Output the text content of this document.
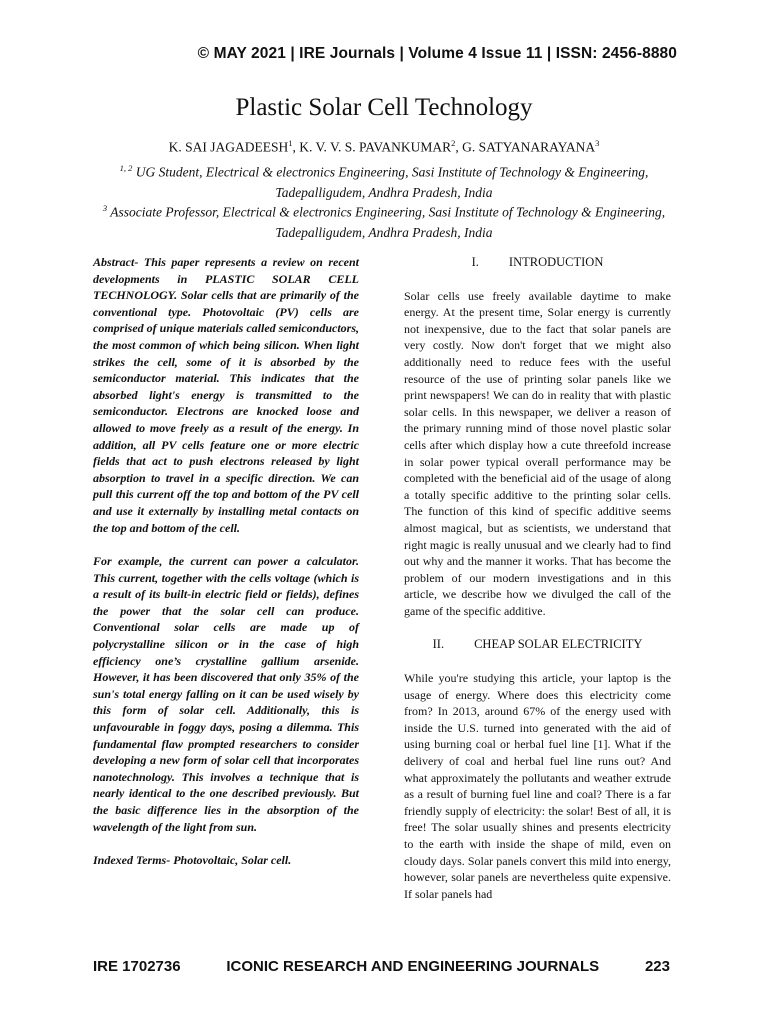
© MAY 2021 | IRE Journals | Volume 4 Issue 11 | ISSN: 2456-8880
Plastic Solar Cell Technology
K. SAI JAGADEESH$^1$, K. V. V. S. PAVANKUMAR$^2$, G. SATYANARAYANA$^3$
$^{1, 2}$ UG Student, Electrical & electronics Engineering, Sasi Institute of Technology & Engineering,
Tadepalligudem, Andhra Pradesh, India
$^3$ Associate Professor, Electrical & electronics Engineering, Sasi Institute of Technology & Engineering,
Tadepalligudem, Andhra Pradesh, India

Abstract- This paper represents a review on recent developments in PLASTIC SOLAR CELL TECHNOLOGY. Solar cells that are primarily of the conventional type. Photovoltaic (PV) cells are comprised of unique materials called semiconductors, the most common of which being silicon. When light strikes the cell, some of it is absorbed by the semiconductor material. This indicates that the absorbed light's energy is transmitted to the semiconductor. Electrons are knocked loose and allowed to move freely as a result of the energy. In addition, all PV cells feature one or more electric fields that act to push electrons released by light absorption to travel in a specific direction. We can pull this current off the top and bottom of the PV cell and use it externally by installing metal contacts on the top and bottom of the cell.

For example, the current can power a calculator. This current, together with the cells voltage (which is a result of its built-in electric field or fields), defines the power that the solar cell can produce. Conventional solar cells are made up of polycrystalline silicon or in the case of high efficiency one’s crystalline gallium arsenide. However, it has been discovered that only 35% of the sun's total energy falling on it can be used wisely by this form of solar cell. Additionally, this is unfavourable in foggy days, posing a dilemma. This fundamental flaw prompted researchers to consider developing a new form of solar cell that incorporates nanotechnology. This involves a technique that is nearly identical to the one described previously. But the basic difference lies in the absorption of the wavelength of the light from sun.

Indexed Terms- Photovoltaic, Solar cell.

I. INTRODUCTION

Solar cells use freely available daytime to make energy. At the present time, Solar energy is currently not inexpensive, due to the fact that solar panels are very costly. Now don't forget that we might also additionally need to reduce fees with the useful resource of the use of printing solar panels like we print newspapers! We can do in reality that with plastic solar cells. In this newspaper, we deliver a reason of the primary running mind of those novel plastic solar cells after which display how a cute threefold increase in solar power typical overall performance may be completed with the beneficial aid of the usage of along a totally specific additive to the printing solar cells. The function of this kind of specific additive seems almost magical, but as scientists, we understand that right magic is really unusual and we clearly had to find out why and the manner it works. That has become the problem of our modern investigations and in this article, we describe how we divulged the call of the game of the specific additive.

II. CHEAP SOLAR ELECTRICITY

While you're studying this article, your laptop is the usage of energy. Where does this electricity come from? In 2013, around 67% of the energy used with inside the U.S. turned into generated with the aid of using burning coal or herbal fuel line [1]. What if the delivery of coal and herbal fuel line runs out? And what approximately the pollutants and weather extrude as a result of burning fuel line and coal? There is a far friendly supply of electricity: the solar! Best of all, it is free! The solar usually shines and presents electricity to the earth with inside the shape of mild, even on cloudy days. Solar panels convert this mild into energy, however, solar panels are nevertheless quite expensive. If solar panels had

IRE 1702736	ICONIC RESEARCH AND ENGINEERING JOURNALS	223
